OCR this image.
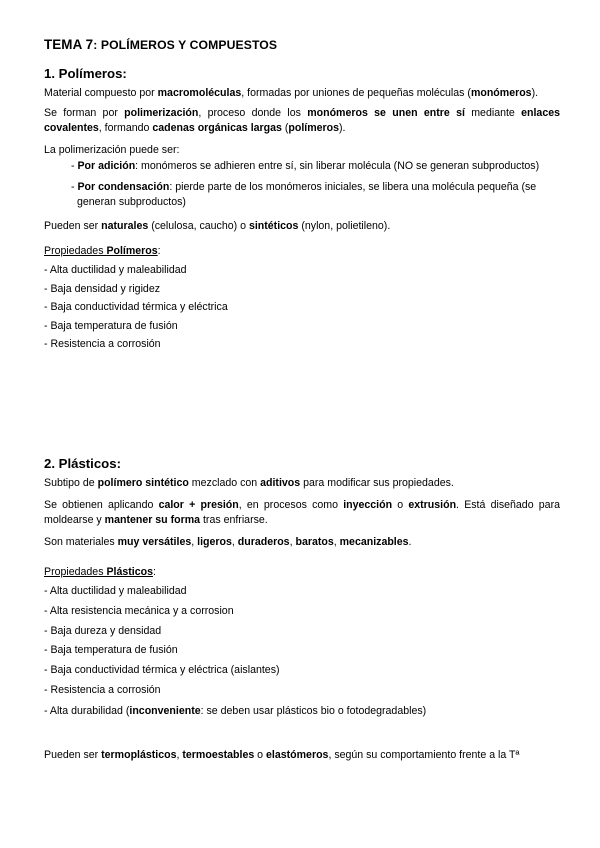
TEMA 7: POLÍMEROS Y COMPUESTOS
1. Polímeros:

Material compuesto por macromoléculas, formadas por uniones de pequeñas moléculas (monómeros).

Se forman por polimerización, proceso donde los monómeros se unen entre sí mediante enlaces covalentes, formando cadenas orgánicas largas (polímeros).

La polimerización puede ser:

- Por adición: monómeros se adhieren entre sí, sin liberar molécula (NO se generan subproductos)

- Por condensación: pierde parte de los monómeros iniciales, se libera una molécula pequeña (se generan subproductos)

Pueden ser naturales (celulosa, caucho) o sintéticos (nylon, polietileno).

Propiedades Polímeros:

- Alta ductilidad y maleabilidad

- Baja densidad y rigidez

- Baja conductividad térmica y eléctrica

- Baja temperatura de fusión

- Resistencia a corrosión

2. Plásticos:

Subtipo de polímero sintético mezclado con aditivos para modificar sus propiedades.

Se obtienen aplicando calor + presión, en procesos como inyección o extrusión. Está diseñado para moldearse y mantener su forma tras enfriarse.

Son materiales muy versátiles, ligeros, duraderos, baratos, mecanizables.

Propiedades Plásticos:

- Alta ductilidad y maleabilidad

- Alta resistencia mecánica y a corrosion

- Baja dureza y densidad

- Baja temperatura de fusión

- Baja conductividad térmica y eléctrica (aislantes)

- Resistencia a corrosión

- Alta durabilidad (inconveniente: se deben usar plásticos bio o fotodegradables)

Pueden ser termoplásticos, termoestables o elastómeros, según su comportamiento frente a la Tª
